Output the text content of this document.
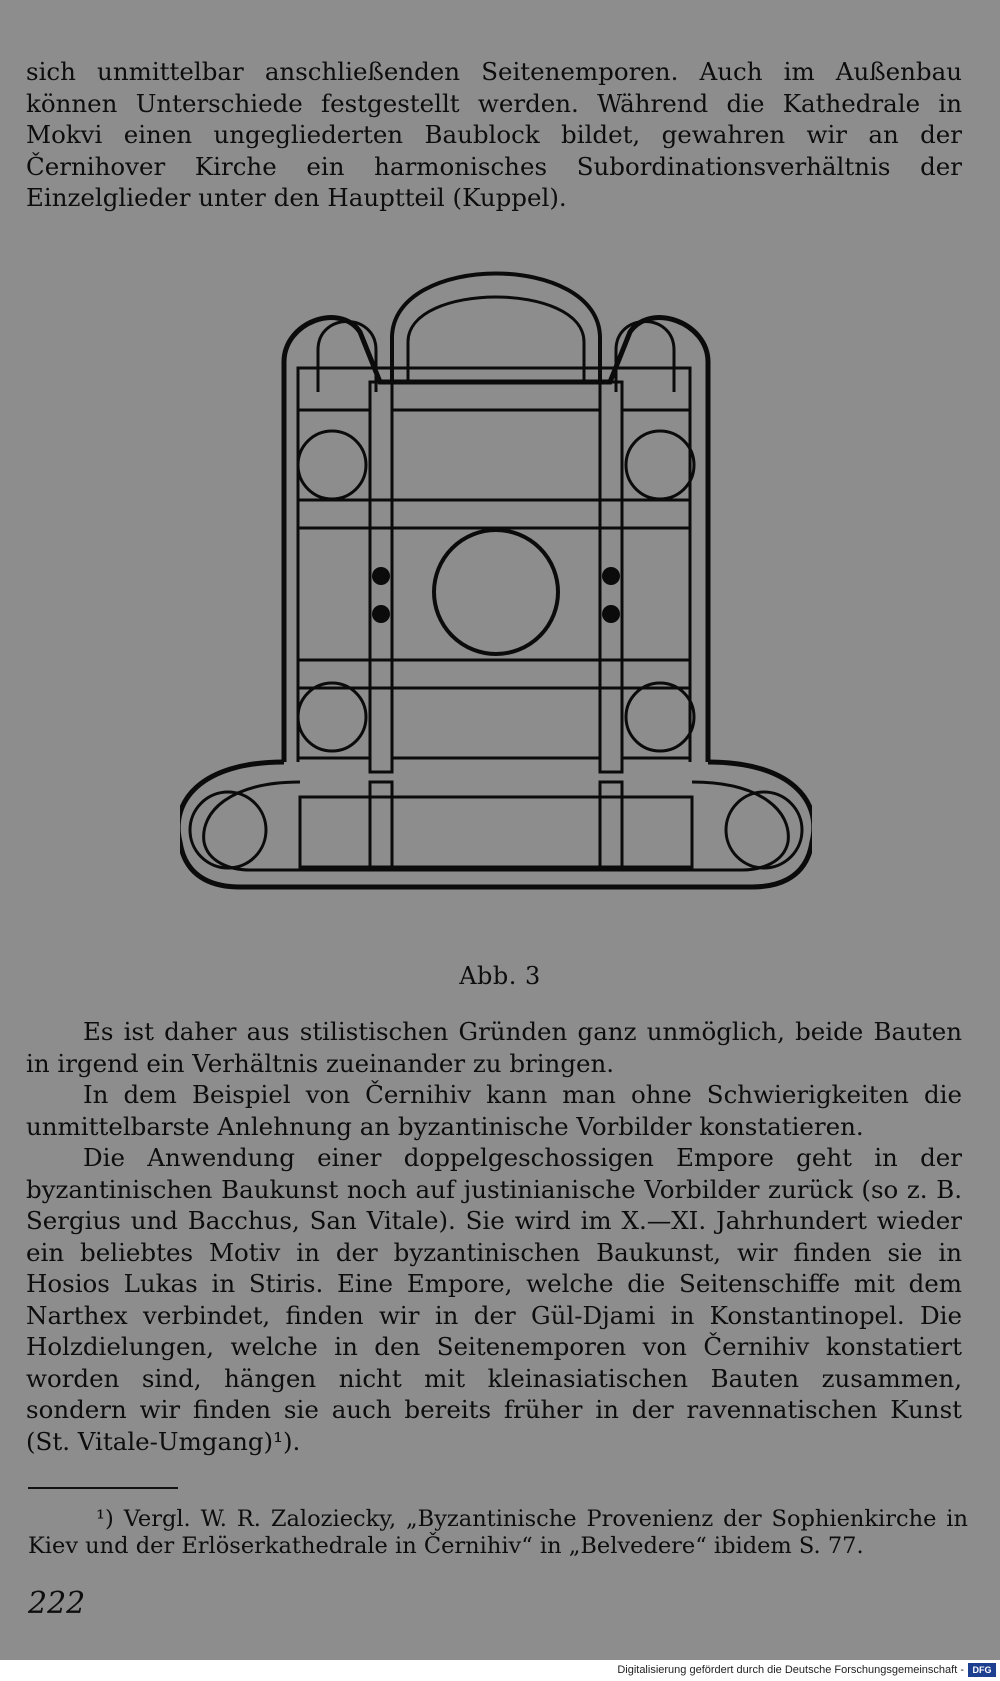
sich unmittelbar anschließenden Seitenemporen. Auch im Außenbau können Unterschiede festgestellt werden. Während die Kathedrale in Mokvi einen ungegliederten Baublock bildet, gewahren wir an der Černihover Kirche ein harmonisches Subordinationsverhältnis der Einzelglieder unter den Hauptteil (Kuppel).

Abb. 3

Es ist daher aus stilistischen Gründen ganz unmöglich, beide Bauten in irgend ein Verhältnis zueinander zu bringen.

In dem Beispiel von Černihiv kann man ohne Schwierigkeiten die unmittelbarste Anlehnung an byzantinische Vorbilder konstatieren.

Die Anwendung einer doppelgeschossigen Empore geht in der byzantinischen Baukunst noch auf justinianische Vorbilder zurück (so z. B. Sergius und Bacchus, San Vitale). Sie wird im X.—XI. Jahrhundert wieder ein beliebtes Motiv in der byzantinischen Baukunst, wir finden sie in Hosios Lukas in Stiris. Eine Empore, welche die Seitenschiffe mit dem Narthex verbindet, finden wir in der Gül-Djami in Konstantinopel. Die Holzdielungen, welche in den Seitenemporen von Černihiv konstatiert worden sind, hängen nicht mit kleinasiatischen Bauten zusammen, sondern wir finden sie auch bereits früher in der ravennatischen Kunst (St. Vitale-Umgang)¹).

¹) Vergl. W. R. Zaloziecky, „Byzantinische Provenienz der Sophienkirche in Kiev und der Erlöserkathedrale in Černihiv“ in „Belvedere“ ibidem S. 77.

222
Digitalisierung gefördert durch die Deutsche Forschungsgemeinschaft - DFG
